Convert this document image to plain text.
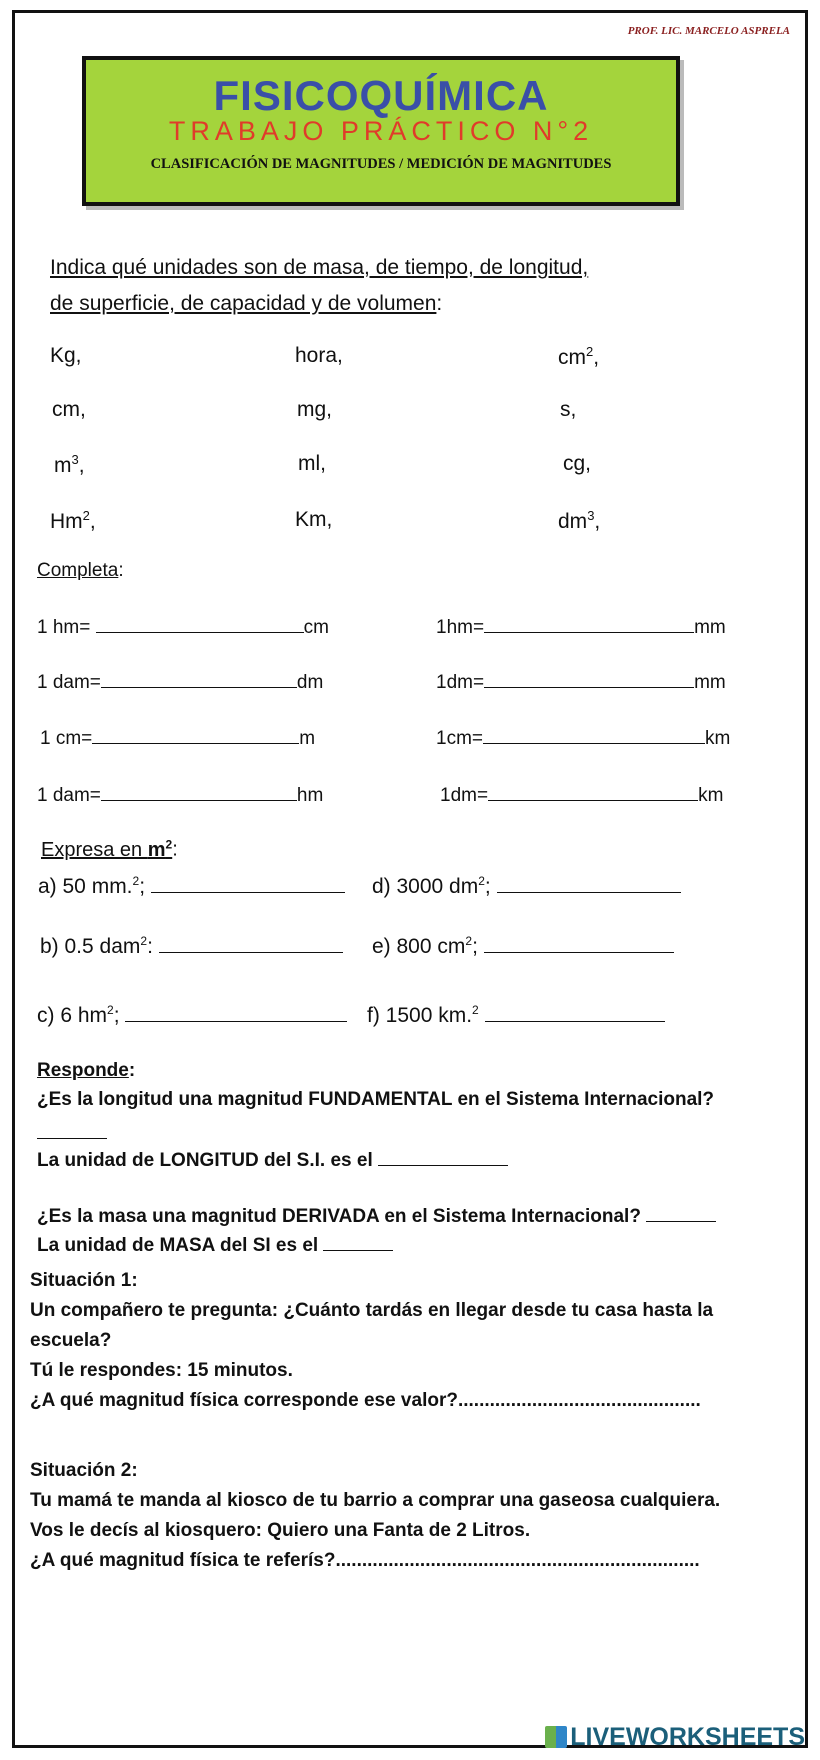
PROF. LIC. MARCELO ASPRELA
FISICOQUÍMICA
TRABAJO PRÁCTICO N°2
CLASIFICACIÓN DE MAGNITUDES / MEDICIÓN DE MAGNITUDES
Indica qué unidades son de masa, de tiempo, de longitud,
de superficie, de capacidad y de volumen:
Kg,	hora,	$cm^2$,
cm,	mg,	s,
$m^3$,	ml,	cg,
Hm$^2$,	Km,	$dm^3$,
Completa:
1 hm=	cm	1hm=	mm
1 dam=	dm	1dm=	mm
1 cm=	m	1cm=	km
1 dam=	hm	1dm=	km
Expresa en $m^2$:
a) 50 mm.$^2$;	d) 3000 $dm^2$;
b) 0.5 dam$^2$:	e) 800 $cm^2$;
c) 6 $hm^2$;	f) 1500 km.$^2$
Responde:
¿Es la longitud una magnitud FUNDAMENTAL en el Sistema Internacional?
La unidad de LONGITUD del S.I. es el
¿Es la masa una magnitud DERIVADA en el Sistema Internacional?
La unidad de MASA del SI es el
Situación 1:
Un compañero te pregunta: ¿Cuánto tardás en llegar desde tu casa hasta la
escuela?
Tú le respondes: 15 minutos.
¿A qué magnitud física corresponde ese valor?..............................................
Situación 2:
Tu mamá te manda al kiosco de tu barrio a comprar una gaseosa cualquiera.
Vos le decís al kiosquero: Quiero una Fanta de 2 Litros.
¿A qué magnitud física te referís?.....................................................................
LIVEWORKSHEETS
